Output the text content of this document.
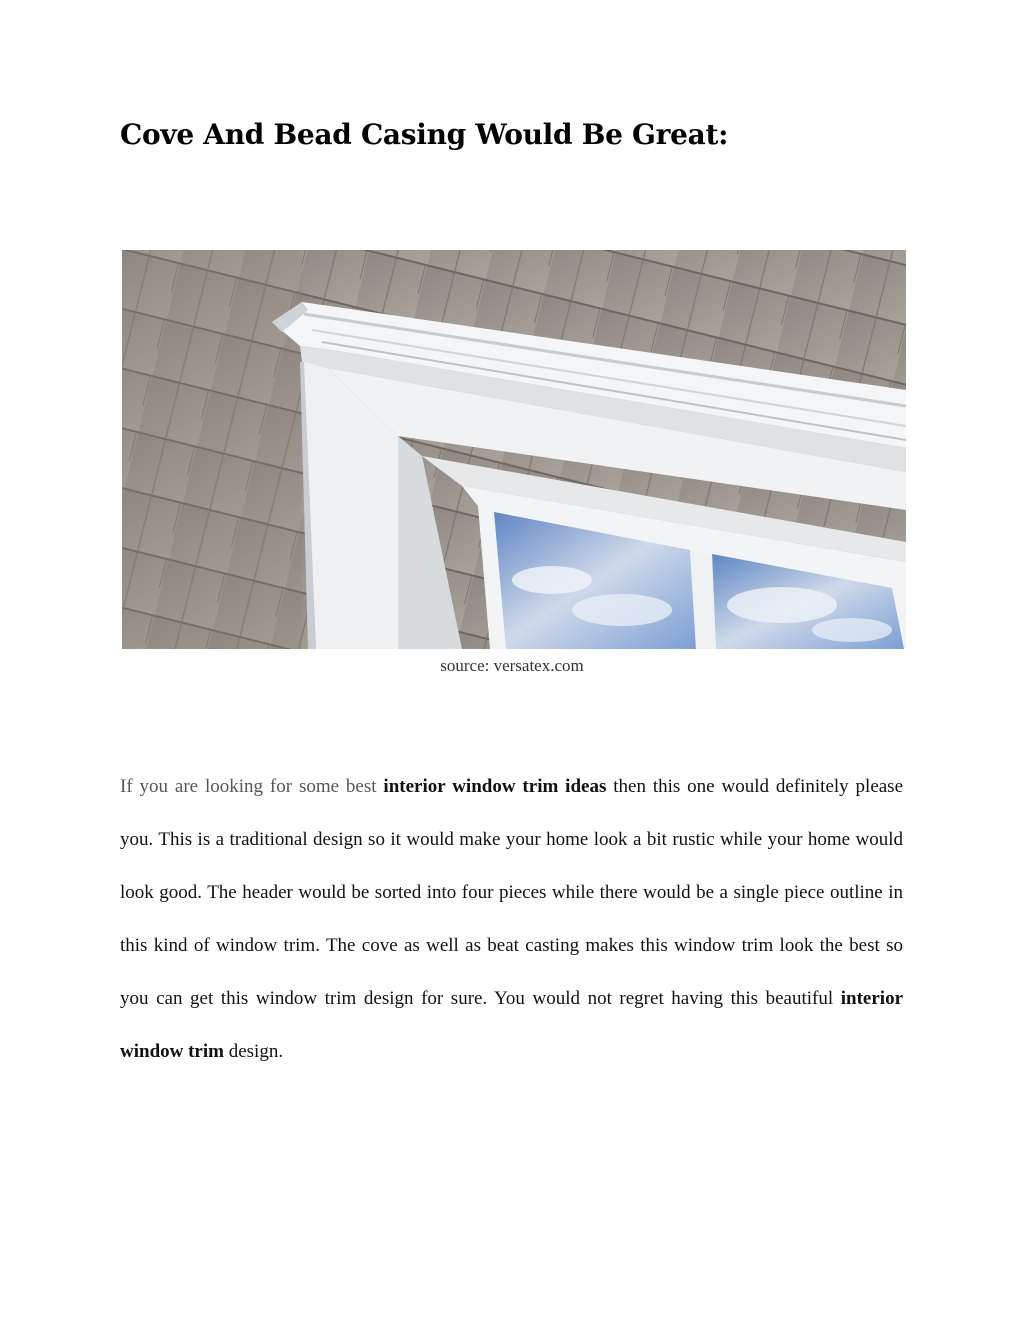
Cove And Bead Casing Would Be Great:

source: versatex.com

If you are looking for some best interior window trim ideas then this one would definitely please you. This is a traditional design so it would make your home look a bit rustic while your home would look good. The header would be sorted into four pieces while there would be a single piece outline in this kind of window trim. The cove as well as beat casting makes this window trim look the best so you can get this window trim design for sure. You would not regret having this beautiful interior window trim design.
